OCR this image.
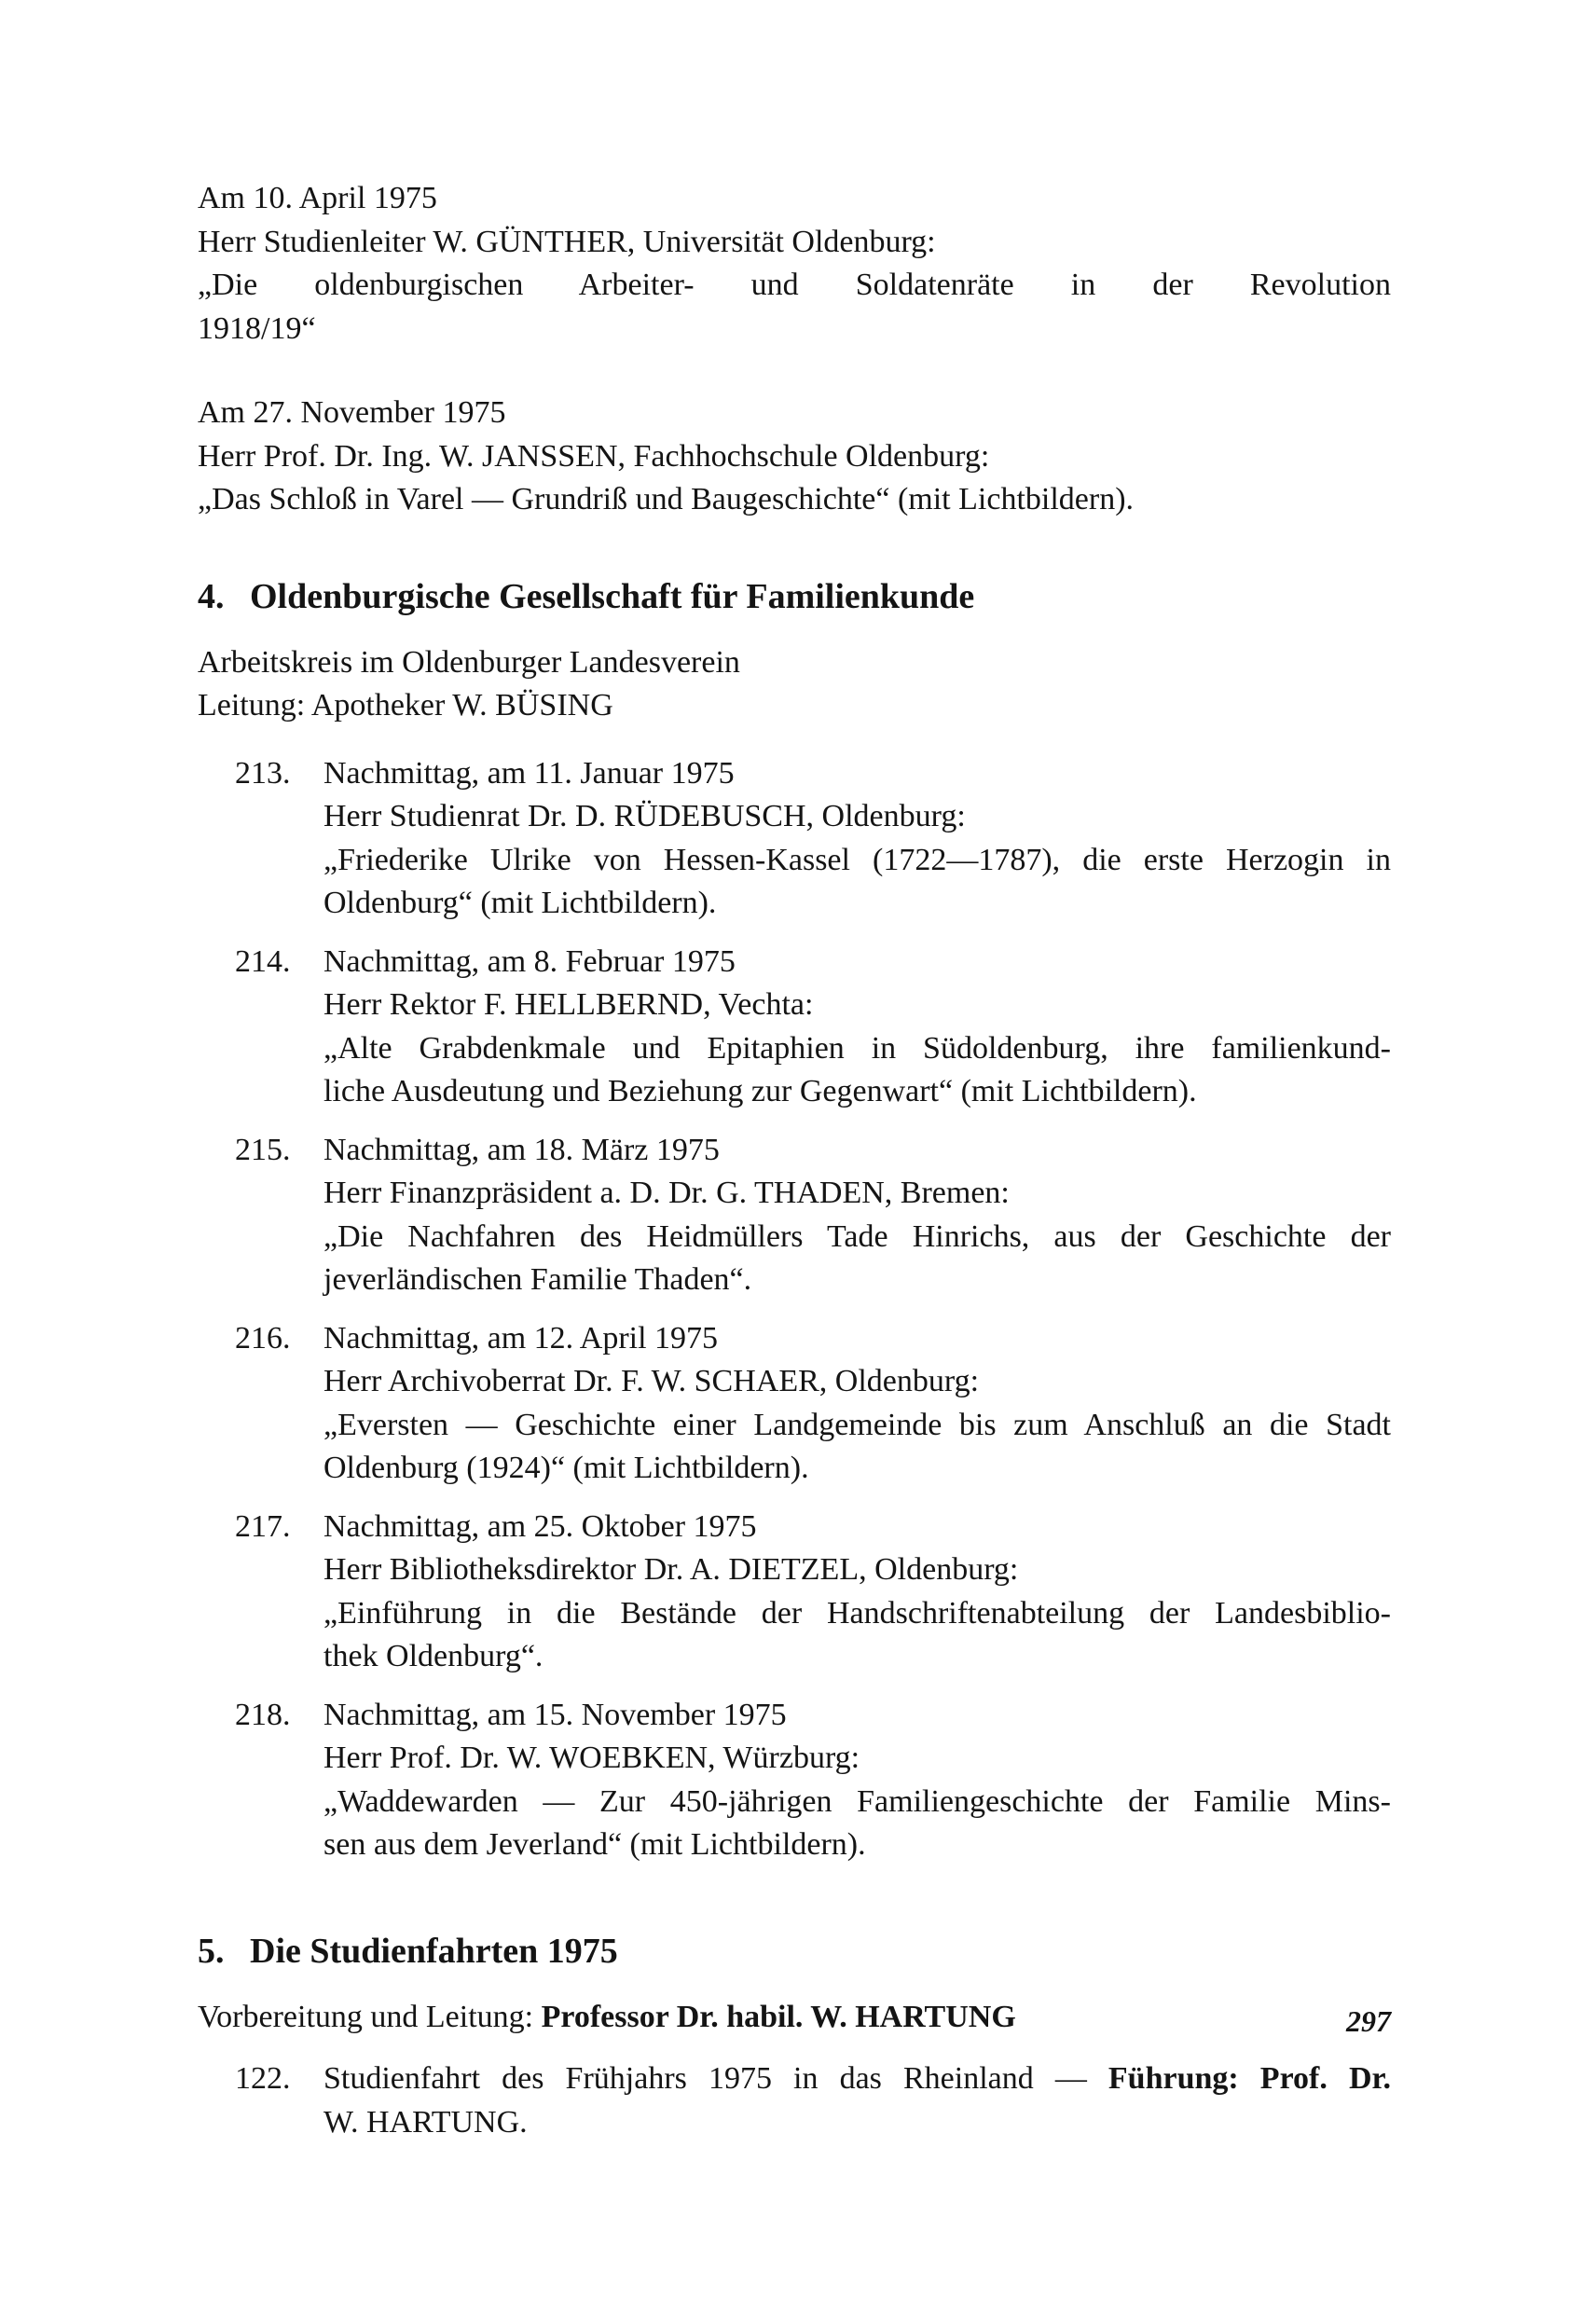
Am 10. April 1975
Herr Studienleiter W. GÜNTHER, Universität Oldenburg:
„Die oldenburgischen Arbeiter- und Soldatenräte in der Revolution
1918/19“
Am 27. November 1975
Herr Prof. Dr. Ing. W. JANSSEN, Fachhochschule Oldenburg:
„Das Schloß in Varel — Grundriß und Baugeschichte“ (mit Lichtbildern).
4. Oldenburgische Gesellschaft für Familienkunde
Arbeitskreis im Oldenburger Landesverein
Leitung: Apotheker W. BÜSING
213. Nachmittag, am 11. Januar 1975
Herr Studienrat Dr. D. RÜDEBUSCH, Oldenburg:
„Friederike Ulrike von Hessen-Kassel (1722—1787), die erste Herzogin in
Oldenburg“ (mit Lichtbildern).
214. Nachmittag, am 8. Februar 1975
Herr Rektor F. HELLBERND, Vechta:
„Alte Grabdenkmale und Epitaphien in Südoldenburg, ihre familienkund-
liche Ausdeutung und Beziehung zur Gegenwart“ (mit Lichtbildern).
215. Nachmittag, am 18. März 1975
Herr Finanzpräsident a. D. Dr. G. THADEN, Bremen:
„Die Nachfahren des Heidmüllers Tade Hinrichs, aus der Geschichte der
jeverländischen Familie Thaden“.
216. Nachmittag, am 12. April 1975
Herr Archivoberrat Dr. F. W. SCHAER, Oldenburg:
„Eversten — Geschichte einer Landgemeinde bis zum Anschluß an die Stadt
Oldenburg (1924)“ (mit Lichtbildern).
217. Nachmittag, am 25. Oktober 1975
Herr Bibliotheksdirektor Dr. A. DIETZEL, Oldenburg:
„Einführung in die Bestände der Handschriftenabteilung der Landesbiblio-
thek Oldenburg“.
218. Nachmittag, am 15. November 1975
Herr Prof. Dr. W. WOEBKEN, Würzburg:
„Waddewarden — Zur 450-jährigen Familiengeschichte der Familie Mins-
sen aus dem Jeverland“ (mit Lichtbildern).
5. Die Studienfahrten 1975
Vorbereitung und Leitung: Professor Dr. habil. W. HARTUNG
122. Studienfahrt des Frühjahrs 1975 in das Rheinland — Führung: Prof. Dr.
W. HARTUNG.
297
